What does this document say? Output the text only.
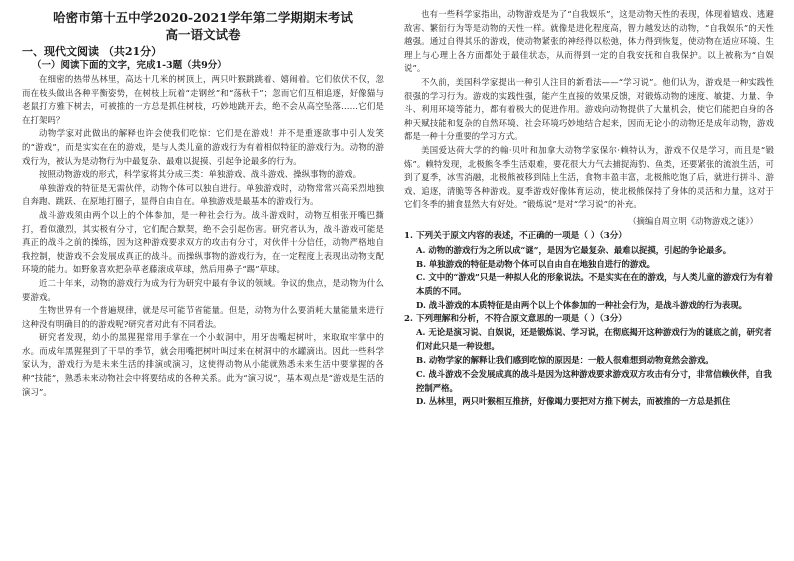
哈密市第十五中学2020-2021学年第二学期期末考试
高一语文试卷
一、现代文阅读 （共21分）
（一）阅读下面的文字，完成1-3题（共9分）

在细密的热带丛林里，高达十几米的树顶上，两只叶猴跳跳着、嬉闹着。它们依伏不仅，忽而在枝头做出各种平衡姿势，在树枝上玩着“走钢丝”和“荡秋千”；忽而它们互相追逐，好像猫与老鼠打方雅下树去，可被推的一方总是抓住树枝，巧妙地跳开去，绝不会从高空坠落……它们是在打架吗？

动物学家对此做出的解释也许会使我们吃惊：它们是在游戏！并不是重逐欲事中引人发笑的“游戏”，而是实实在在的游戏，是与人类儿童的游戏行为有着相似特征的游戏行为。动物的游戏行为，被认为是动物行为中最复杂、最难以捉摸、引起争论最多的行为。

按照动物游戏的形式，科学家将其分成三类：单独游戏、战斗游戏、操纵事物的游戏。

单独游戏的特征是无需伙伴，动物个体可以独自进行。单独游戏时，动物常常兴高采烈地独自奔跑、跳跃、在原地打圈子，显得自由自在。单独游戏是最基本的游戏行为。

战斗游戏须由两个以上的个体参加，是一种社会行为。战斗游戏时，动物互相张开嘴巴撕打，看似激烈，其实极有分寸，它们配合默契，绝不会引起伤害。研究者认为，战斗游戏可能是真正的战斗之前的操练，因为这种游戏要求双方的攻击有分寸，对伙伴十分信任，动物严格地自我控制，使游戏不会发展成真正的战斗。而操纵事物的游戏行为，在一定程度上表现出动物支配环境的能力。如野象喜欢把杂草老藤滚成草球，然后用鼻子“踢”草球。

近二十年来，动物的游戏行为成为行为研究中最有争议的领域。争议的焦点，是动物为什么要游戏。

生物世界有一个普遍规律，就是尽可能节省能量。但是，动物为什么要消耗大量能量来进行这种没有明确目的的游戏呢?研究者对此有不同看法。

研究者发现，幼小的黑猩猩常用手掌在一个小蚁洞中，用牙齿嘴起树叶，来取取牢掌中的水。而成年黑猩猩到了干旱的季节，就会用嘴把树叶叫过来在树洞中的水罐滴出。因此一些科学家认为，游戏行为是未来生活的排演或演习，这使得动物从小能就熟悉未来生活中要掌握的各种“技能”，熟悉未来动物社会中将要结成的各种关系。此为“演习说”，基本观点是“游戏是生活的演习”。

也有一些科学家指出，动物游戏是为了“自我娱乐”，这是动物天性的表现，体现着嬉戏、逃避敌害、繁衍行为等是动物的天性一样。就像是进化程度高，智力越发达的动物，“自我娱乐”的天性越强。通过自得其乐的游戏，使动物紧张的神经得以松弛，体力得到恢复，使动物在适应环境、生理上与心理上各方面都处于最佳状态，从而得到一定的自我安抚和自我保护。以上被称为“自娱说”。

不久前，美国科学家提出一种引人注目的新看法——“学习说”。他们认为，游戏是一种实践性很强的学习行为。游戏的实践性强，能产生直接的效果反馈，对锻炼动物的速度、敏捷、力量、争斗、利用环境等能力，都有着极大的促进作用。游戏向动物提供了大量机会，使它们能把自身的各种天赋技能和复杂的自然环境、社会环境巧妙地结合起来，因而无论小的动物还是成年动物，游戏都是一种十分重要的学习方式。

美国爱达荷大学的约翰·贝叶和加拿大动物学家保尔·赖特认为，游戏不仅是学习，而且是“锻炼”。赖特发现，北极熊冬季生活艰难，要花很大力气去捕捉海豹、鱼类，还要紧张的流浪生活，可到了夏季，冰雪消融，北极熊被移到陆上生活，食物丰盈丰富，北极熊吃饱了后，就进行拼斗、游戏、追逐，清脆等各种游戏。夏季游戏好像体育运动，使北极熊保持了身体的灵活和力量，这对于它们冬季的捕食显然大有好处。“锻炼说”是对“学习说”的补充。

（摘编自周立明《动物游戏之谜》）
1. 下列关于原文内容的表述，不正确的一项是（ ）（3分）
A. 动物的游戏行为之所以成“谜”，是因为它最复杂、最难以捉摸，引起的争论最多。
B. 单独游戏的特征是动物个体可以自由自在地独自进行的游戏。
C. 文中的“游戏”只是一种拟人化的形象说法。不是实实在在的游戏，与人类儿童的游戏行为有着本质的不同。
D. 战斗游戏的本质特征是由两个以上个体参加的一种社会行为，是战斗游戏的行为表现。
2. 下列理解和分析，不符合原文意思的一项是（ ）（3分）
A. 无论是演习说、自娱说，还是锻炼说、学习说，在彻底揭开这种游戏行为的谜底之前，研究者们对此只是一种设想。
B. 动物学家的解释让我们感到吃惊的原因是：一般人很难想到动物竟然会游戏。
C. 战斗游戏不会发展成真的战斗是因为这种游戏要求游戏双方攻击有分寸，非常信赖伙伴，自我控制严格。
D. 丛林里，两只叶猴相互推挤，好像竭力要把对方推下树去，而被推的一方总是抓住
